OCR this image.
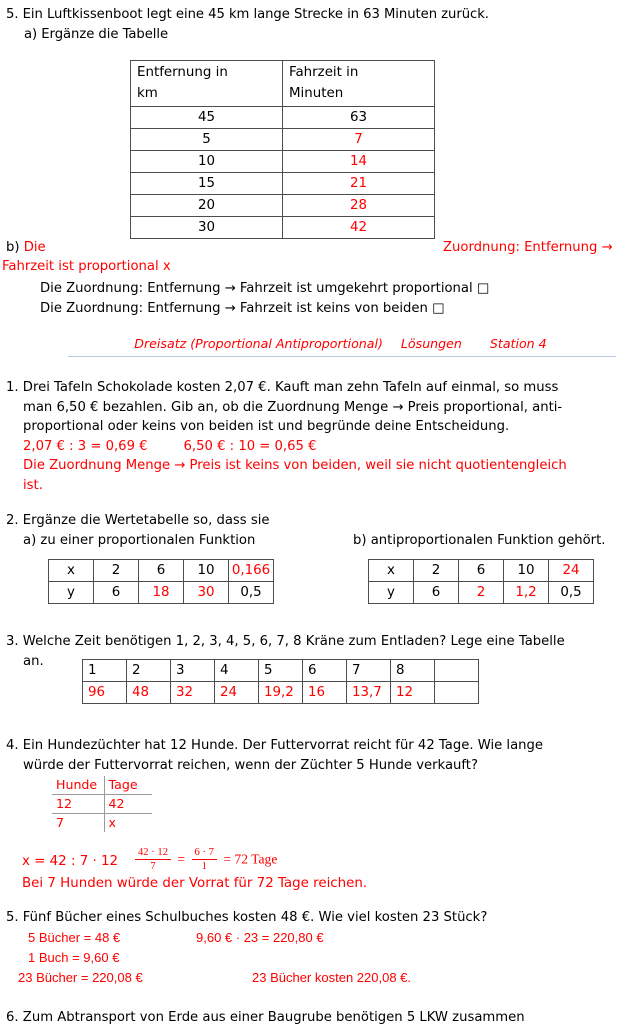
5. Ein Luftkissenboot legt eine 45 km lange Strecke in 63 Minuten zurück.
a) Ergänze die Tabelle
Entfernung in
km

Fahrzeit in
Minuten

45	63
5	7
10	14
15	21
20	28
30	42
b) Die
Fahrzeit ist proportional x
Zuordnung: Entfernung →
Die Zuordnung: Entfernung → Fahrzeit ist umgekehrt proportional □
Die Zuordnung: Entfernung → Fahrzeit ist keins von beiden □
Dreisatz (Proportional Antiproportional) Lösungen Station 4
1. Drei Tafeln Schokolade kosten 2,07 €. Kauft man zehn Tafeln auf einmal, so muss
man 6,50 € bezahlen. Gib an, ob die Zuordnung Menge → Preis proportional, anti-
proportional oder keins von beiden ist und begründe deine Entscheidung.
2,07 € : 3 = 0,69 €	6,50 € : 10 = 0,65 €
Die Zuordnung Menge → Preis ist keins von beiden, weil sie nicht quotientengleich
ist.
2. Ergänze die Wertetabelle so, dass sie
a) zu einer proportionalen Funktion	b) antiproportionalen Funktion gehört.
x	2	6	10	0,166
y	6	18	30	0,5
x	2	6	10	24
y	6	2	1,2	0,5
3. Welche Zeit benötigen 1, 2, 3, 4, 5, 6, 7, 8 Kräne zum Entladen? Lege eine Tabelle
an.
1	2	3	4	5	6	7	8	
96	48	32	24	19,2	16	13,7	12	
4. Ein Hundezüchter hat 12 Hunde. Der Futtervorrat reicht für 42 Tage. Wie lange
würde der Futtervorrat reichen, wenn der Züchter 5 Hunde verkauft?
Hunde	Tage
12	42
7	x
x = 42 : $7 \cdot 12 \frac{42 \cdot 12}{7} = \frac{6 \cdot 7}{1} = 72$ Tage
Bei 7 Hunden würde der Vorrat für 72 Tage reichen.
5. Fünf Bücher eines Schulbuches kosten 48 €. Wie viel kosten 23 Stück?
5 Bücher = 48 €	9,60 € · 23 = 220,80 €
1 Buch = 9,60 €
23 Bücher = 220,08 €	23 Bücher kosten 220,08 €.
6. Zum Abtransport von Erde aus einer Baugrube benötigen 5 LKW zusammen
